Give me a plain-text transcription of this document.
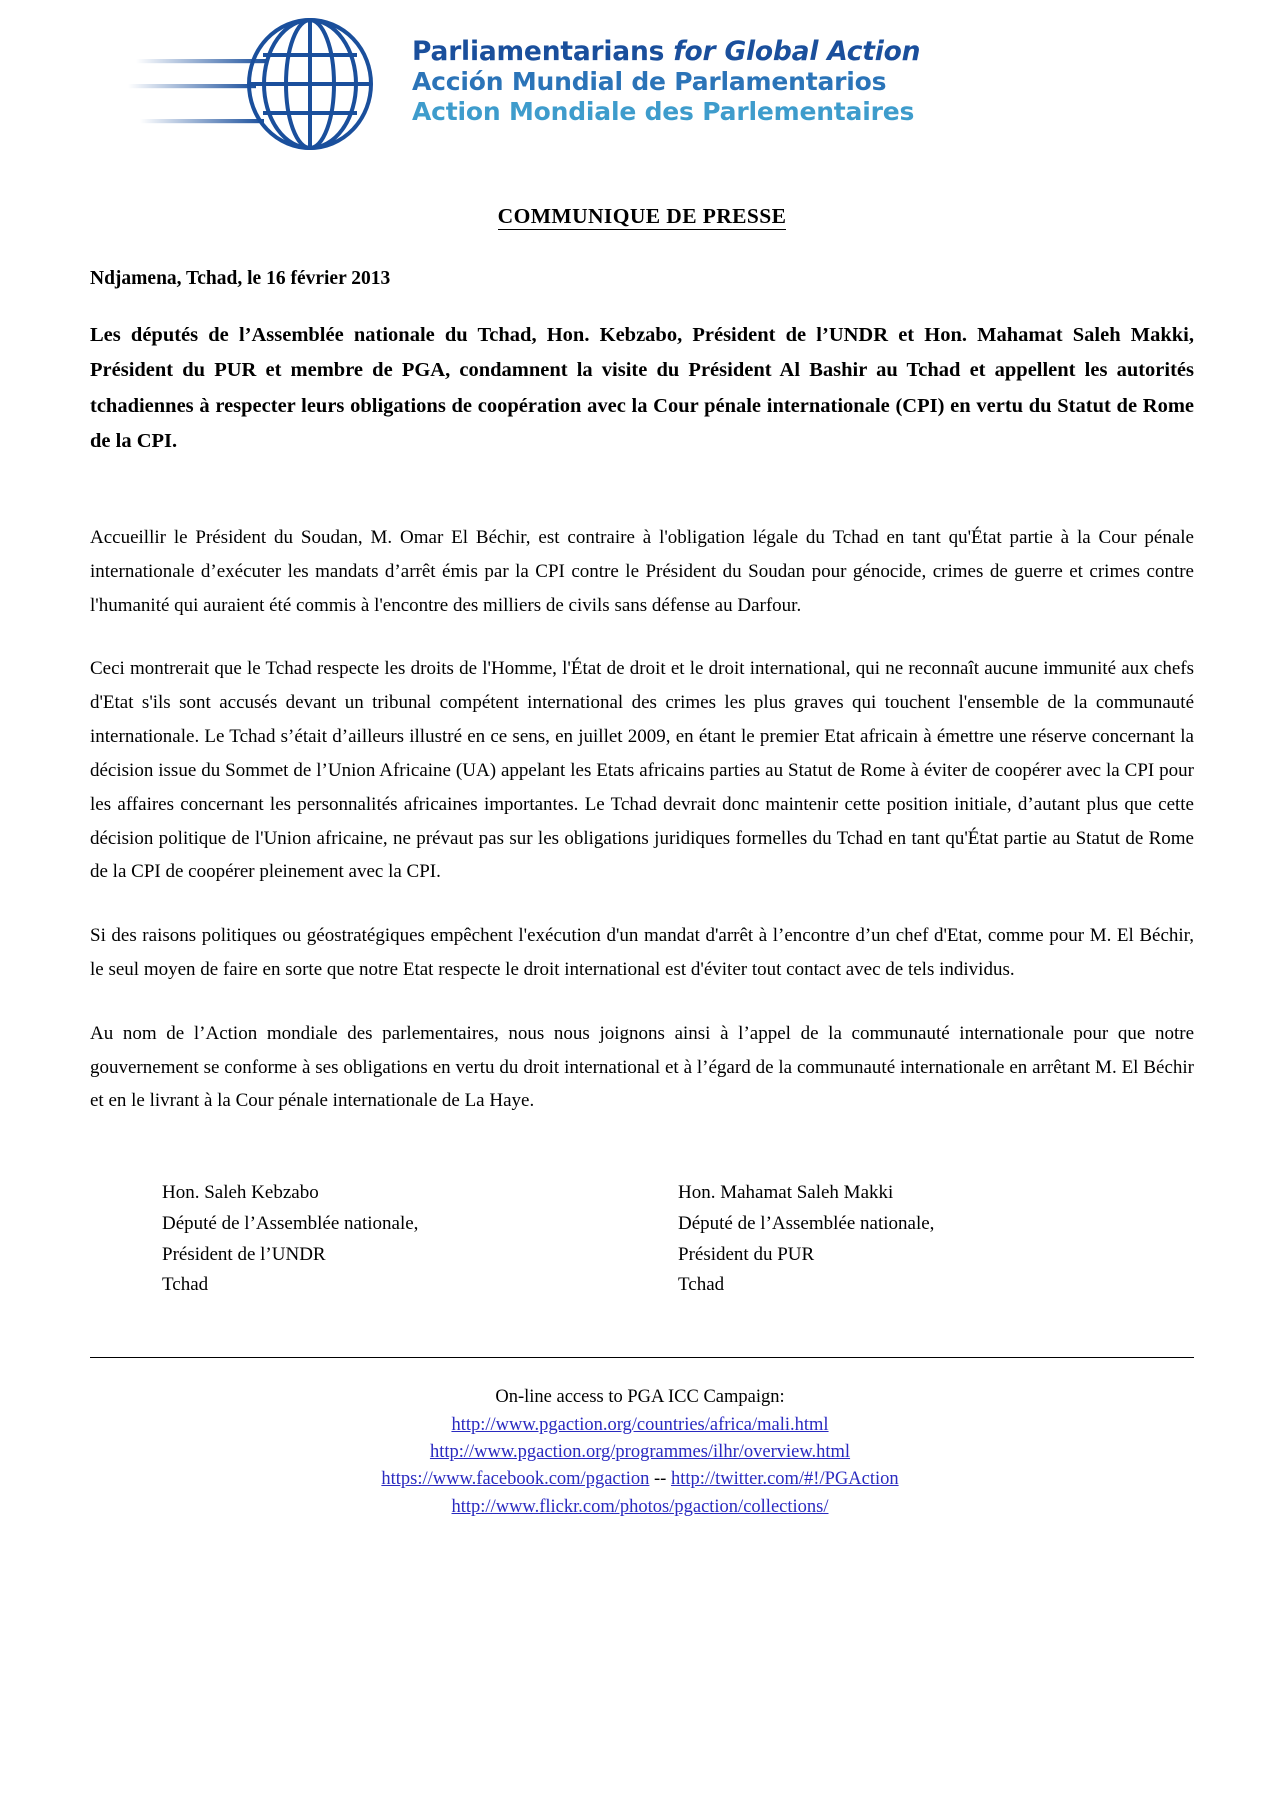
Parliamentarians for Global Action
Acción Mundial de Parlamentarios
Action Mondiale des Parlementaires
COMMUNIQUE DE PRESSE
Ndjamena, Tchad, le 16 février 2013
Les députés de l’Assemblée nationale du Tchad, Hon. Kebzabo, Président de l’UNDR et Hon. Mahamat Saleh Makki, Président du PUR et membre de PGA, condamnent la visite du Président Al Bashir au Tchad et appellent les autorités tchadiennes à respecter leurs obligations de coopération avec la Cour pénale internationale (CPI) en vertu du Statut de Rome de la CPI.
Accueillir le Président du Soudan, M. Omar El Béchir, est contraire à l'obligation légale du Tchad en tant qu'État partie à la Cour pénale internationale d’exécuter les mandats d’arrêt émis par la CPI contre le Président du Soudan pour génocide, crimes de guerre et crimes contre l'humanité qui auraient été commis à l'encontre des milliers de civils sans défense au Darfour.
Ceci montrerait que le Tchad respecte les droits de l'Homme, l'État de droit et le droit international, qui ne reconnaît aucune immunité aux chefs d'Etat s'ils sont accusés devant un tribunal compétent international des crimes les plus graves qui touchent l'ensemble de la communauté internationale. Le Tchad s’était d’ailleurs illustré en ce sens, en juillet 2009, en étant le premier Etat africain à émettre une réserve concernant la décision issue du Sommet de l’Union Africaine (UA) appelant les Etats africains parties au Statut de Rome à éviter de coopérer avec la CPI pour les affaires concernant les personnalités africaines importantes. Le Tchad devrait donc maintenir cette position initiale, d’autant plus que cette décision politique de l'Union africaine, ne prévaut pas sur les obligations juridiques formelles du Tchad en tant qu'État partie au Statut de Rome de la CPI de coopérer pleinement avec la CPI.
Si des raisons politiques ou géostratégiques empêchent l'exécution d'un mandat d'arrêt à l’encontre d’un chef d'Etat, comme pour M. El Béchir, le seul moyen de faire en sorte que notre Etat respecte le droit international est d'éviter tout contact avec de tels individus.
Au nom de l’Action mondiale des parlementaires, nous nous joignons ainsi à l’appel de la communauté internationale pour que notre gouvernement se conforme à ses obligations en vertu du droit international et à l’égard de la communauté internationale en arrêtant M. El Béchir et en le livrant à la Cour pénale internationale de La Haye.
Hon. Saleh Kebzabo
Député de l’Assemblée nationale,
Président de l’UNDR
Tchad
Hon. Mahamat Saleh Makki
Député de l’Assemblée nationale,
Président du PUR
Tchad
On-line access to PGA ICC Campaign:
http://www.pgaction.org/countries/africa/mali.html
http://www.pgaction.org/programmes/ilhr/overview.html
https://www.facebook.com/pgaction -- http://twitter.com/#!/PGAction
http://www.flickr.com/photos/pgaction/collections/
